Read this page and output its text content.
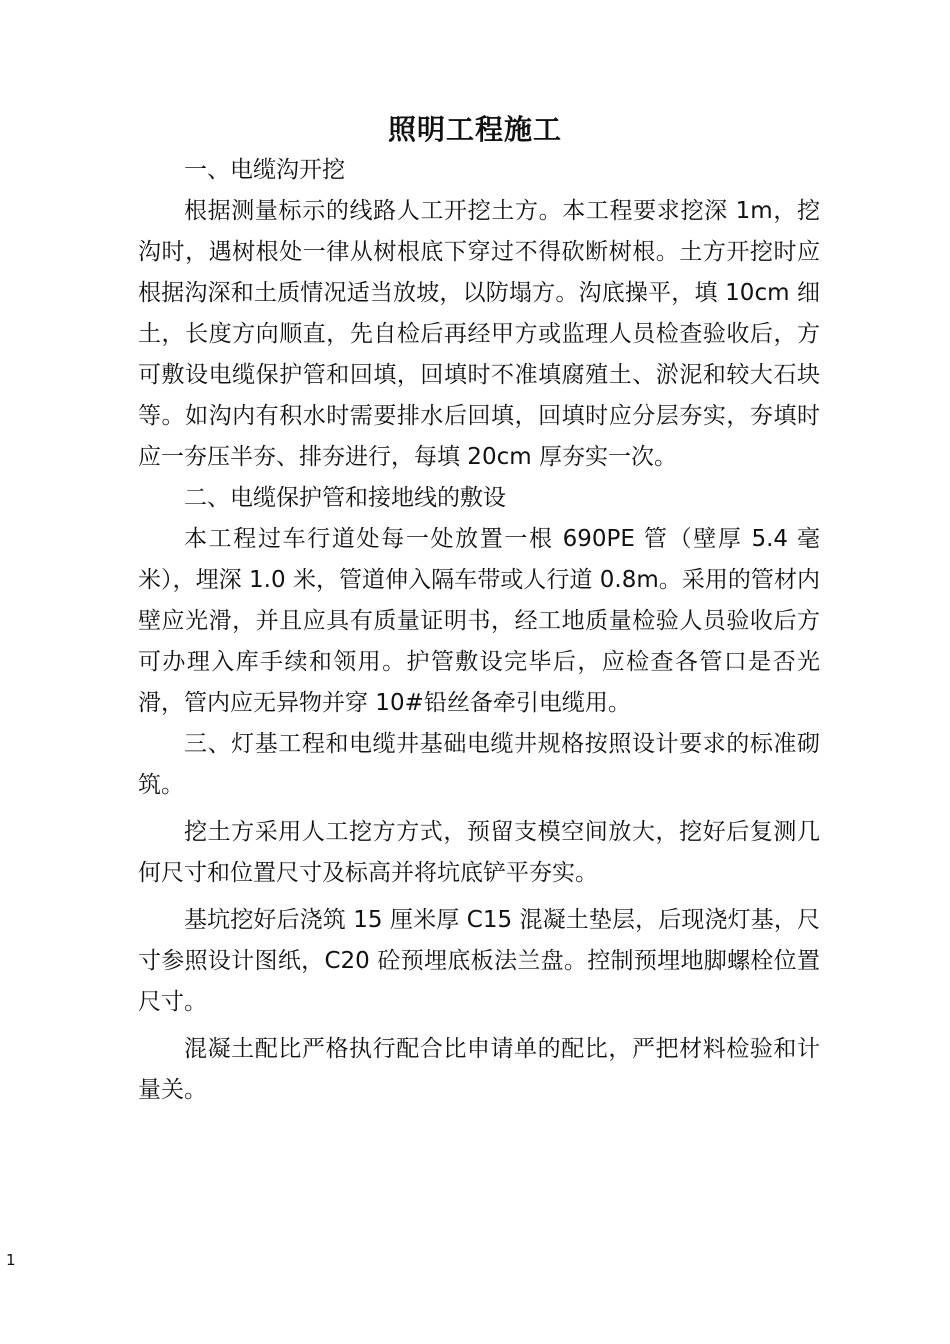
照明工程施工

一、电缆沟开挖

根据测量标示的线路人工开挖土方。本工程要求挖深 1m，挖沟时，遇树根处一律从树根底下穿过不得砍断树根。土方开挖时应根据沟深和土质情况适当放坡，以防塌方。沟底操平，填 10cm 细土，长度方向顺直，先自检后再经甲方或监理人员检查验收后，方可敷设电缆保护管和回填，回填时不准填腐殖土、淤泥和较大石块等。如沟内有积水时需要排水后回填，回填时应分层夯实，夯填时应一夯压半夯、排夯进行，每填 20cm 厚夯实一次。

二、电缆保护管和接地线的敷设

本工程过车行道处每一处放置一根 690PE 管（壁厚 5.4 毫米），埋深 1.0 米，管道伸入隔车带或人行道 0.8m。采用的管材内壁应光滑，并且应具有质量证明书，经工地质量检验人员验收后方可办理入库手续和领用。护管敷设完毕后，应检查各管口是否光滑，管内应无异物并穿 10#铅丝备牵引电缆用。

三、灯基工程和电缆井基础电缆井规格按照设计要求的标准砌筑。

挖土方采用人工挖方方式，预留支模空间放大，挖好后复测几何尺寸和位置尺寸及标高并将坑底铲平夯实。

基坑挖好后浇筑 15 厘米厚 C15 混凝土垫层，后现浇灯基，尺寸参照设计图纸，C20 砼预埋底板法兰盘。控制预埋地脚螺栓位置尺寸。

混凝土配比严格执行配合比申请单的配比，严把材料检验和计量关。

1
